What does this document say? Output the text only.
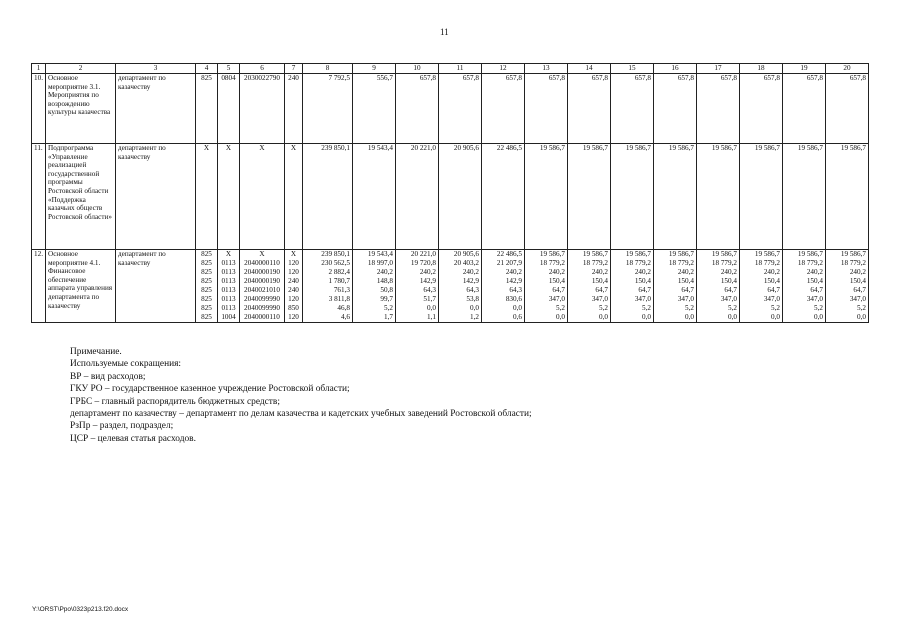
11
1	2	3	4	5	6	7	8	9	10	11	12	13	14	15	16	17	18	19	20
10.	Основное мероприятие 3.1. Мероприятия по возрождению культуры казачества	департамент по казачеству	825	0804	2030022790	240	7 792,5	556,7	657,8	657,8	657,8	657,8	657,8	657,8	657,8	657,8	657,8	657,8	657,8
11.	Подпрограмма «Управление реализацией государственной программы Ростовской области «Поддержка казачьих обществ Ростовской области»	департамент по казачеству	X	X	X	X	239 850,1	19 543,4	20 221,0	20 905,6	22 486,5	19 586,7	19 586,7	19 586,7	19 586,7	19 586,7	19 586,7	19 586,7	19 586,7
12.	Основное мероприятие 4.1. Финансовое обеспечение аппарата управления департамента по казачеству	департамент по казачеству	825	X	X	X	239 850,1	19 543,4	20 221,0	20 905,6	22 486,5	19 586,7	19 586,7	19 586,7	19 586,7	19 586,7	19 586,7	19 586,7	19 586,7
			825	0113	2040000110	120	230 562,5	18 997,0	19 720,8	20 403,2	21 207,9	18 779,2	18 779,2	18 779,2	18 779,2	18 779,2	18 779,2	18 779,2	18 779,2
			825	0113	2040000190	120	2 882,4	240,2	240,2	240,2	240,2	240,2	240,2	240,2	240,2	240,2	240,2	240,2	240,2
			825	0113	2040000190	240	1 780,7	148,8	142,9	142,9	142,9	150,4	150,4	150,4	150,4	150,4	150,4	150,4	150,4
			825	0113	2040021010	240	761,3	50,8	64,3	64,3	64,3	64,7	64,7	64,7	64,7	64,7	64,7	64,7	64,7
			825	0113	2040099990	120	3 811,8	99,7	51,7	53,8	830,6	347,0	347,0	347,0	347,0	347,0	347,0	347,0	347,0
			825	0113	2040099990	850	46,8	5,2	0,0	0,0	0,0	5,2	5,2	5,2	5,2	5,2	5,2	5,2	5,2
			825	1004	2040000110	120	4,6	1,7	1,1	1,2	0,6	0,0	0,0	0,0	0,0	0,0	0,0	0,0	0,0
Примечание.
Используемые сокращения:
ВР – вид расходов;
ГКУ РО – государственное казенное учреждение Ростовской области;
ГРБС – главный распорядитель бюджетных средств;
департамент по казачеству – департамент по делам казачества и кадетских учебных заведений Ростовской области;
РзПр – раздел, подраздел;
ЦСР – целевая статья расходов.
Y:\ORST\Ppo\0323p213.f20.docx
